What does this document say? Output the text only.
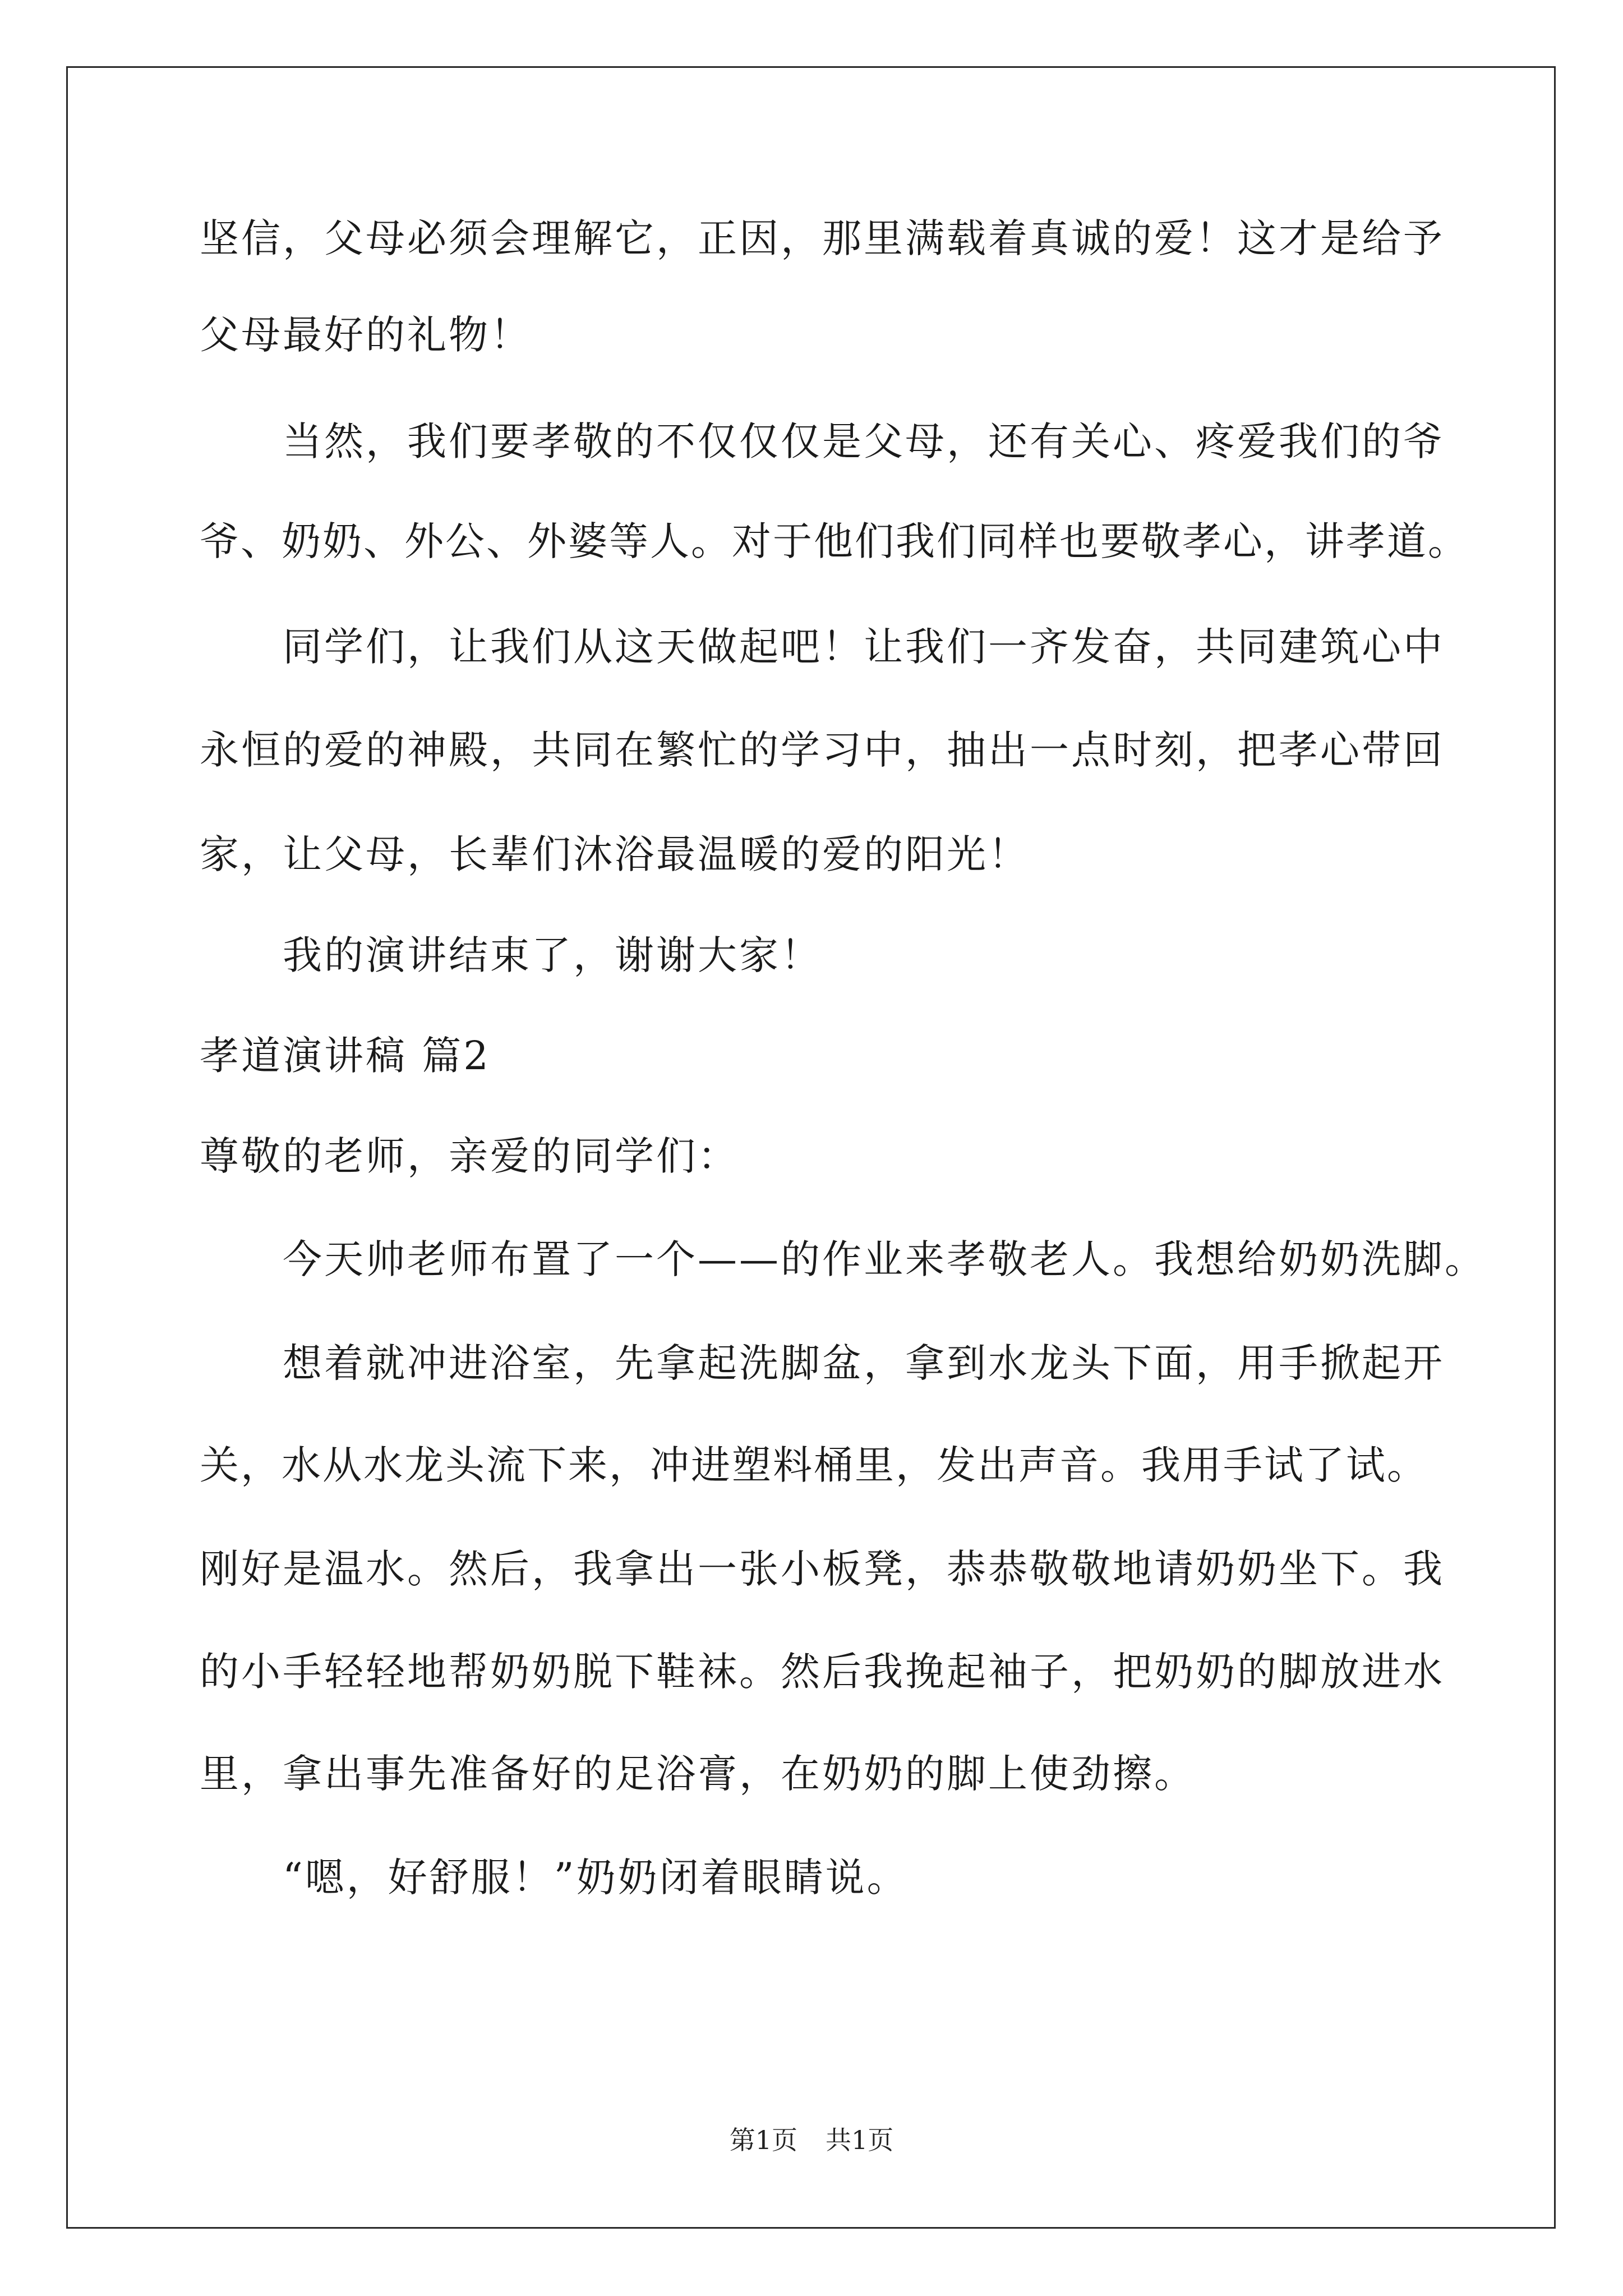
坚信，父母必须会理解它，正因，那里满载着真诚的爱！这才是给予
父母最好的礼物！
当然，我们要孝敬的不仅仅仅是父母，还有关心、疼爱我们的爷
爷、奶奶、外公、外婆等人。对于他们我们同样也要敬孝心，讲孝道。
同学们，让我们从这天做起吧！让我们一齐发奋，共同建筑心中
永恒的爱的神殿，共同在繁忙的学习中，抽出一点时刻，把孝心带回
家，让父母，长辈们沐浴最温暖的爱的阳光！
我的演讲结束了，谢谢大家！
孝道演讲稿 篇2
尊敬的老师，亲爱的同学们：
今天帅老师布置了一个——的作业来孝敬老人。我想给奶奶洗脚。
想着就冲进浴室，先拿起洗脚盆，拿到水龙头下面，用手掀起开
关，水从水龙头流下来，冲进塑料桶里，发出声音。我用手试了试。
刚好是温水。然后，我拿出一张小板凳，恭恭敬敬地请奶奶坐下。我
的小手轻轻地帮奶奶脱下鞋袜。然后我挽起袖子，把奶奶的脚放进水
里，拿出事先准备好的足浴膏，在奶奶的脚上使劲擦。
“嗯，好舒服！”奶奶闭着眼睛说。
第1页 共1页
